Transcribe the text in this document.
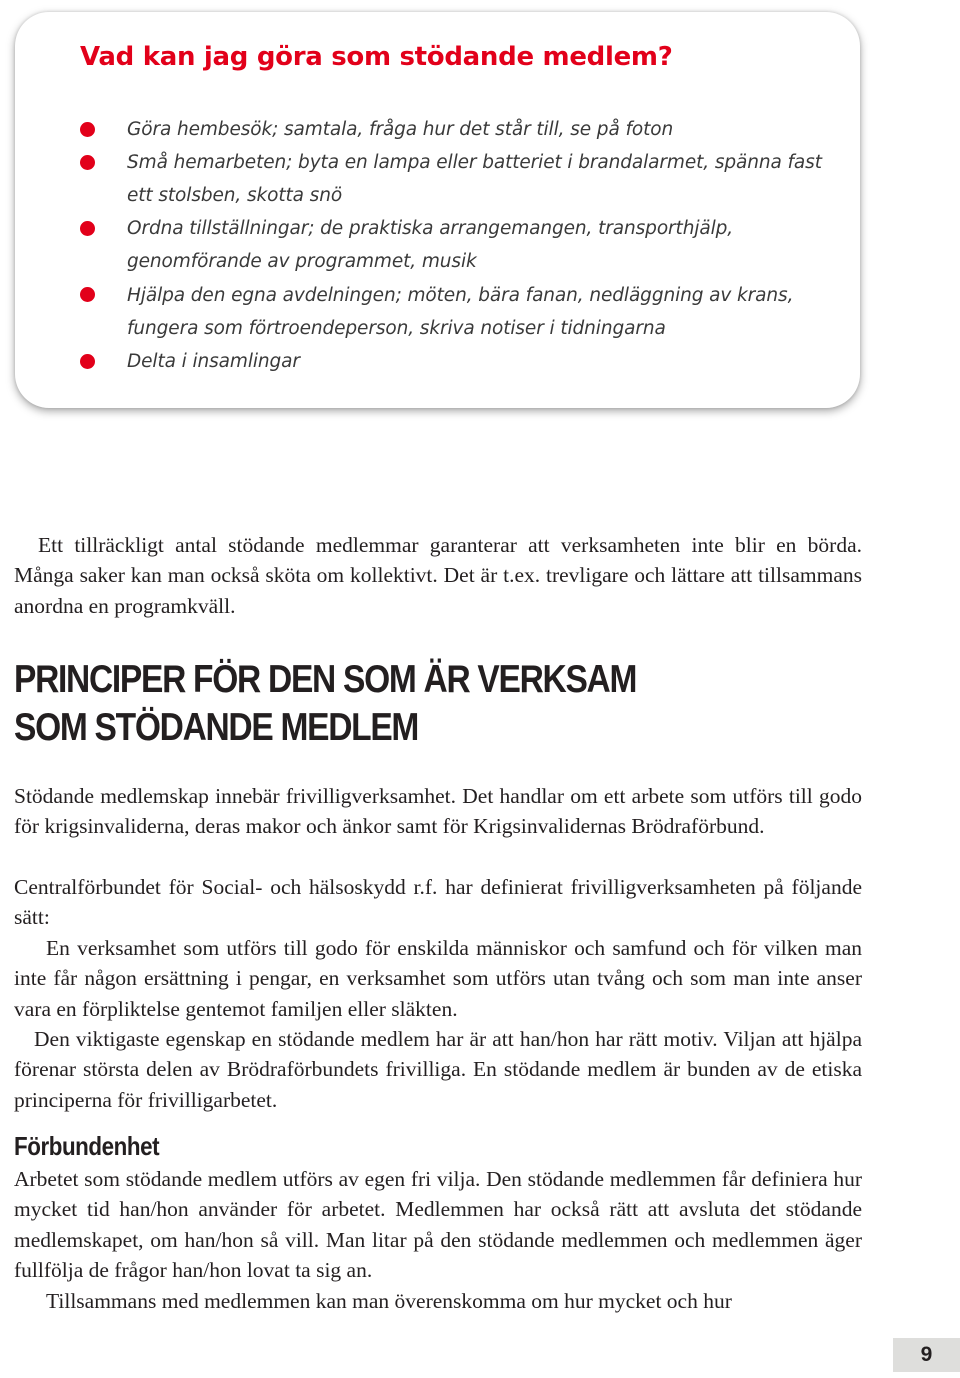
Vad kan jag göra som stödande medlem?
Göra hembesök; samtala, fråga hur det står till, se på foton
Små hemarbeten; byta en lampa eller batteriet i brandalarmet, spänna fast ett stolsben, skotta snö
Ordna tillställningar; de praktiska arrangemangen, transporthjälp, genomförande av programmet, musik
Hjälpa den egna avdelningen; möten, bära fanan, nedläggning av krans, fungera som förtroendeperson, skriva notiser i tidningarna
Delta i insamlingar

Ett tillräckligt antal stödande medlemmar garanterar att verksamheten inte blir en börda. Många saker kan man också sköta om kollektivt. Det är t.ex. trevligare och lättare att tillsammans anordna en programkväll.

PRINCIPER FÖR DEN SOM ÄR VERKSAM
SOM STÖDANDE MEDLEM

Stödande medlemskap innebär frivilligverksamhet. Det handlar om ett arbete som utförs till godo för krigsinvaliderna, deras makor och änkor samt för Krigsinvalidernas Brödraförbund.

Centralförbundet för Social- och hälsoskydd r.f. har definierat frivilligverksamheten på följande sätt:

En verksamhet som utförs till godo för enskilda människor och samfund och för vilken man inte får någon ersättning i pengar, en verksamhet som utförs utan tvång och som man inte anser vara en förpliktelse gentemot familjen eller släkten.

Den viktigaste egenskap en stödande medlem har är att han/hon har rätt motiv. Viljan att hjälpa förenar största delen av Brödraförbundets frivilliga. En stödande medlem är bunden av de etiska principerna för frivilligarbetet.

Förbundenhet

Arbetet som stödande medlem utförs av egen fri vilja. Den stödande medlemmen får definiera hur mycket tid han/hon använder för arbetet. Medlemmen har också rätt att avsluta det stödande medlemskapet, om han/hon så vill. Man litar på den stödande medlemmen och medlemmen äger fullfölja de frågor han/hon lovat ta sig an.

Tillsammans med medlemmen kan man överenskomma om hur mycket och hur

9
